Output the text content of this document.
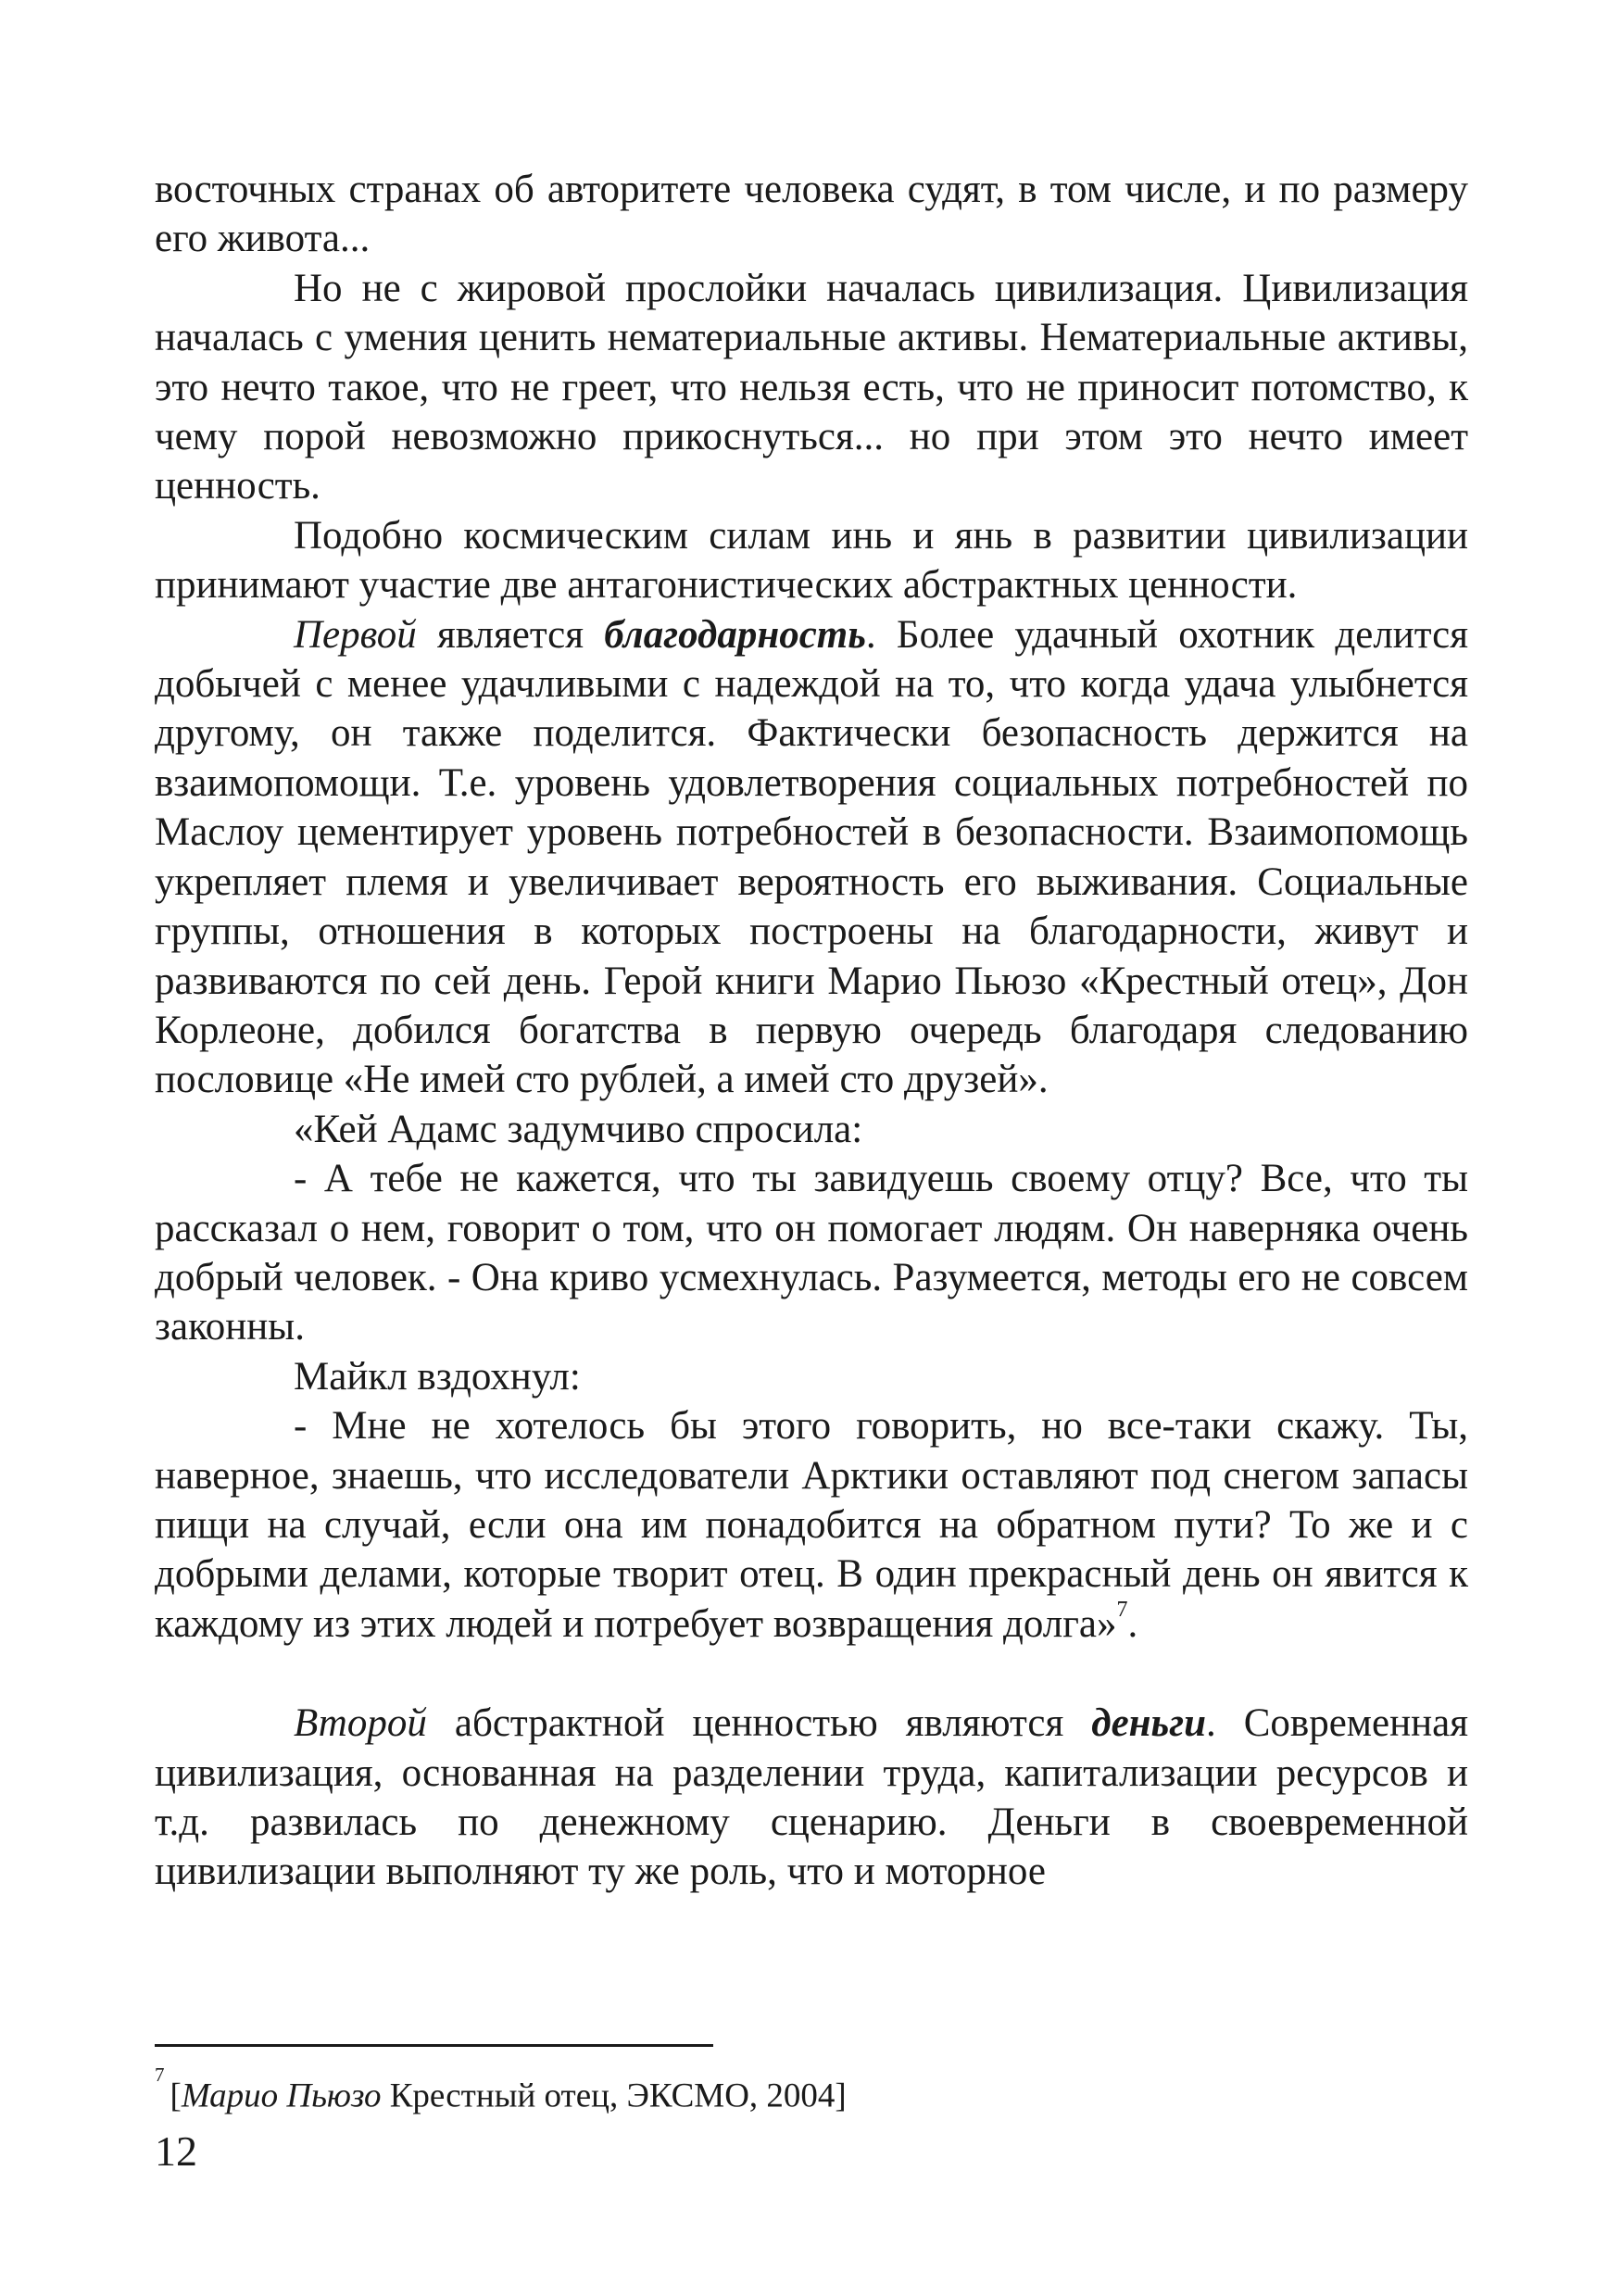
восточных странах об авторитете человека судят, в том числе, и по размеру его живота...

Но не с жировой прослойки началась цивилизация. Цивилизация началась с умения ценить нематериальные активы. Нематериальные активы, это нечто такое, что не греет, что нельзя есть, что не приносит потомство, к чему порой невозможно прикоснуться... но при этом это нечто имеет ценность.

Подобно космическим силам инь и янь в развитии цивилизации принимают участие две антагонистических абстрактных ценности.

Первой является благодарность. Более удачный охотник делится добычей с менее удачливыми с надеждой на то, что когда удача улыбнется другому, он также поделится. Фактически безопасность держится на взаимопомощи. Т.е. уровень удовлетворения социальных потребностей по Маслоу цементирует уровень потребностей в безопасности. Взаимопомощь укрепляет племя и увеличивает вероятность его выживания. Социальные группы, отношения в которых построены на благодарности, живут и развиваются по сей день. Герой книги Марио Пьюзо «Крестный отец», Дон Корлеоне, добился богатства в первую очередь благодаря следованию пословице «Не имей сто рублей, а имей сто друзей».

«Кей Адамс задумчиво спросила:

- А тебе не кажется, что ты завидуешь своему отцу? Все, что ты рассказал о нем, говорит о том, что он помогает людям. Он наверняка очень добрый человек. - Она криво усмехнулась. Разумеется, методы его не совсем законны.

Майкл вздохнул:

- Мне не хотелось бы этого говорить, но все-таки скажу. Ты, наверное, знаешь, что исследователи Арктики оставляют под снегом запасы пищи на случай, если она им понадобится на обратном пути? То же и с добрыми делами, которые творит отец. В один прекрасный день он явится к каждому из этих людей и потребует возвращения долга»$^7$.

Второй абстрактной ценностью являются деньги. Современная цивилизация, основанная на разделении труда, капитализации ресурсов и т.д. развилась по денежному сценарию. Деньги в своевременной цивилизации выполняют ту же роль, что и моторное

$^7$[Марио Пьюзо Крестный отец, ЭКСМО, 2004]
12
